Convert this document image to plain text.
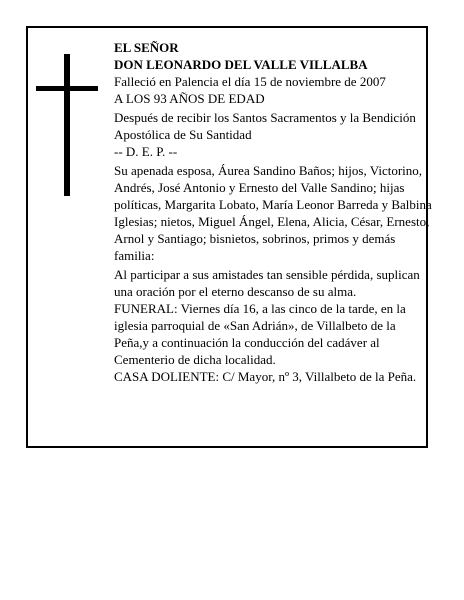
EL SEÑOR

DON LEONARDO DEL VALLE VILLALBA

Falleció en Palencia el día 15 de noviembre de 2007

A LOS 93 AÑOS DE EDAD

Después de recibir los Santos Sacramentos y la Bendición Apostólica de Su Santidad

-- D. E. P. --

Su apenada esposa, Áurea Sandino Baños; hijos, Victorino, Andrés, José Antonio y Ernesto del Valle Sandino; hijas políticas, Margarita Lobato, María Leonor Barreda y Balbina Iglesias; nietos, Miguel Ángel, Elena, Alicia, César, Ernesto, Arnol y Santiago; bisnietos, sobrinos, primos y demás familia:

Al participar a sus amistades tan sensible pérdida, suplican una oración por el eterno descanso de su alma.

FUNERAL: Viernes día 16, a las cinco de la tarde, en la iglesia parroquial de «San Adrián», de Villalbeto de la Peña,y a continuación la conducción del cadáver al Cementerio de dicha localidad.

CASA DOLIENTE: C/ Mayor, nº 3, Villalbeto de la Peña.
